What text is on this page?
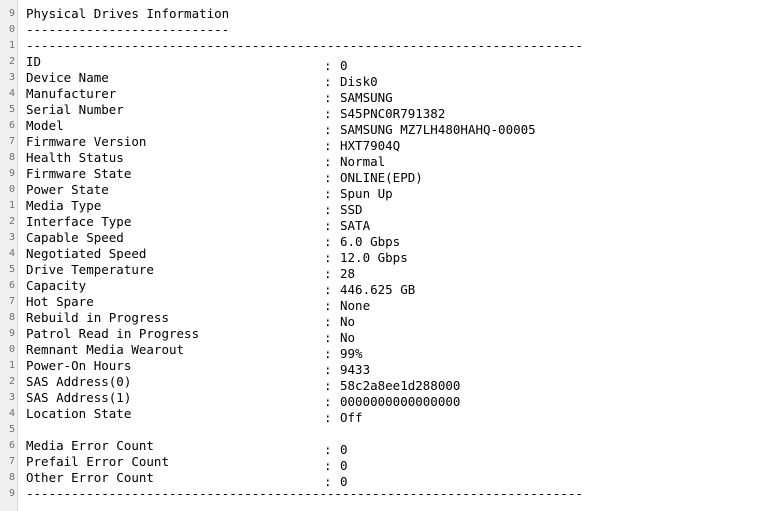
9
0
1
2
3
4
5
6
7
8
9
0
1
2
3
4
5
6
7
8
9
0
1
2
3
4
5
6
7
8
9
Physical Drives Information
---------------------------
--------------------------------------------------------------------------
ID	: 0
Device Name	: Disk0
Manufacturer	: SAMSUNG
Serial Number	: S45PNC0R791382
Model	: SAMSUNG MZ7LH480HAHQ-00005
Firmware Version	: HXT7904Q
Health Status	: Normal
Firmware State	: ONLINE(EPD)
Power State	: Spun Up
Media Type	: SSD
Interface Type	: SATA
Capable Speed	: 6.0 Gbps
Negotiated Speed	: 12.0 Gbps
Drive Temperature	: 28
Capacity	: 446.625 GB
Hot Spare	: None
Rebuild in Progress	: No
Patrol Read in Progress	: No
Remnant Media Wearout	: 99%
Power-On Hours	: 9433
SAS Address(0)	: 58c2a8ee1d288000
SAS Address(1)	: 0000000000000000
Location State	: Off
Media Error Count	: 0
Prefail Error Count	: 0
Other Error Count	: 0
--------------------------------------------------------------------------
